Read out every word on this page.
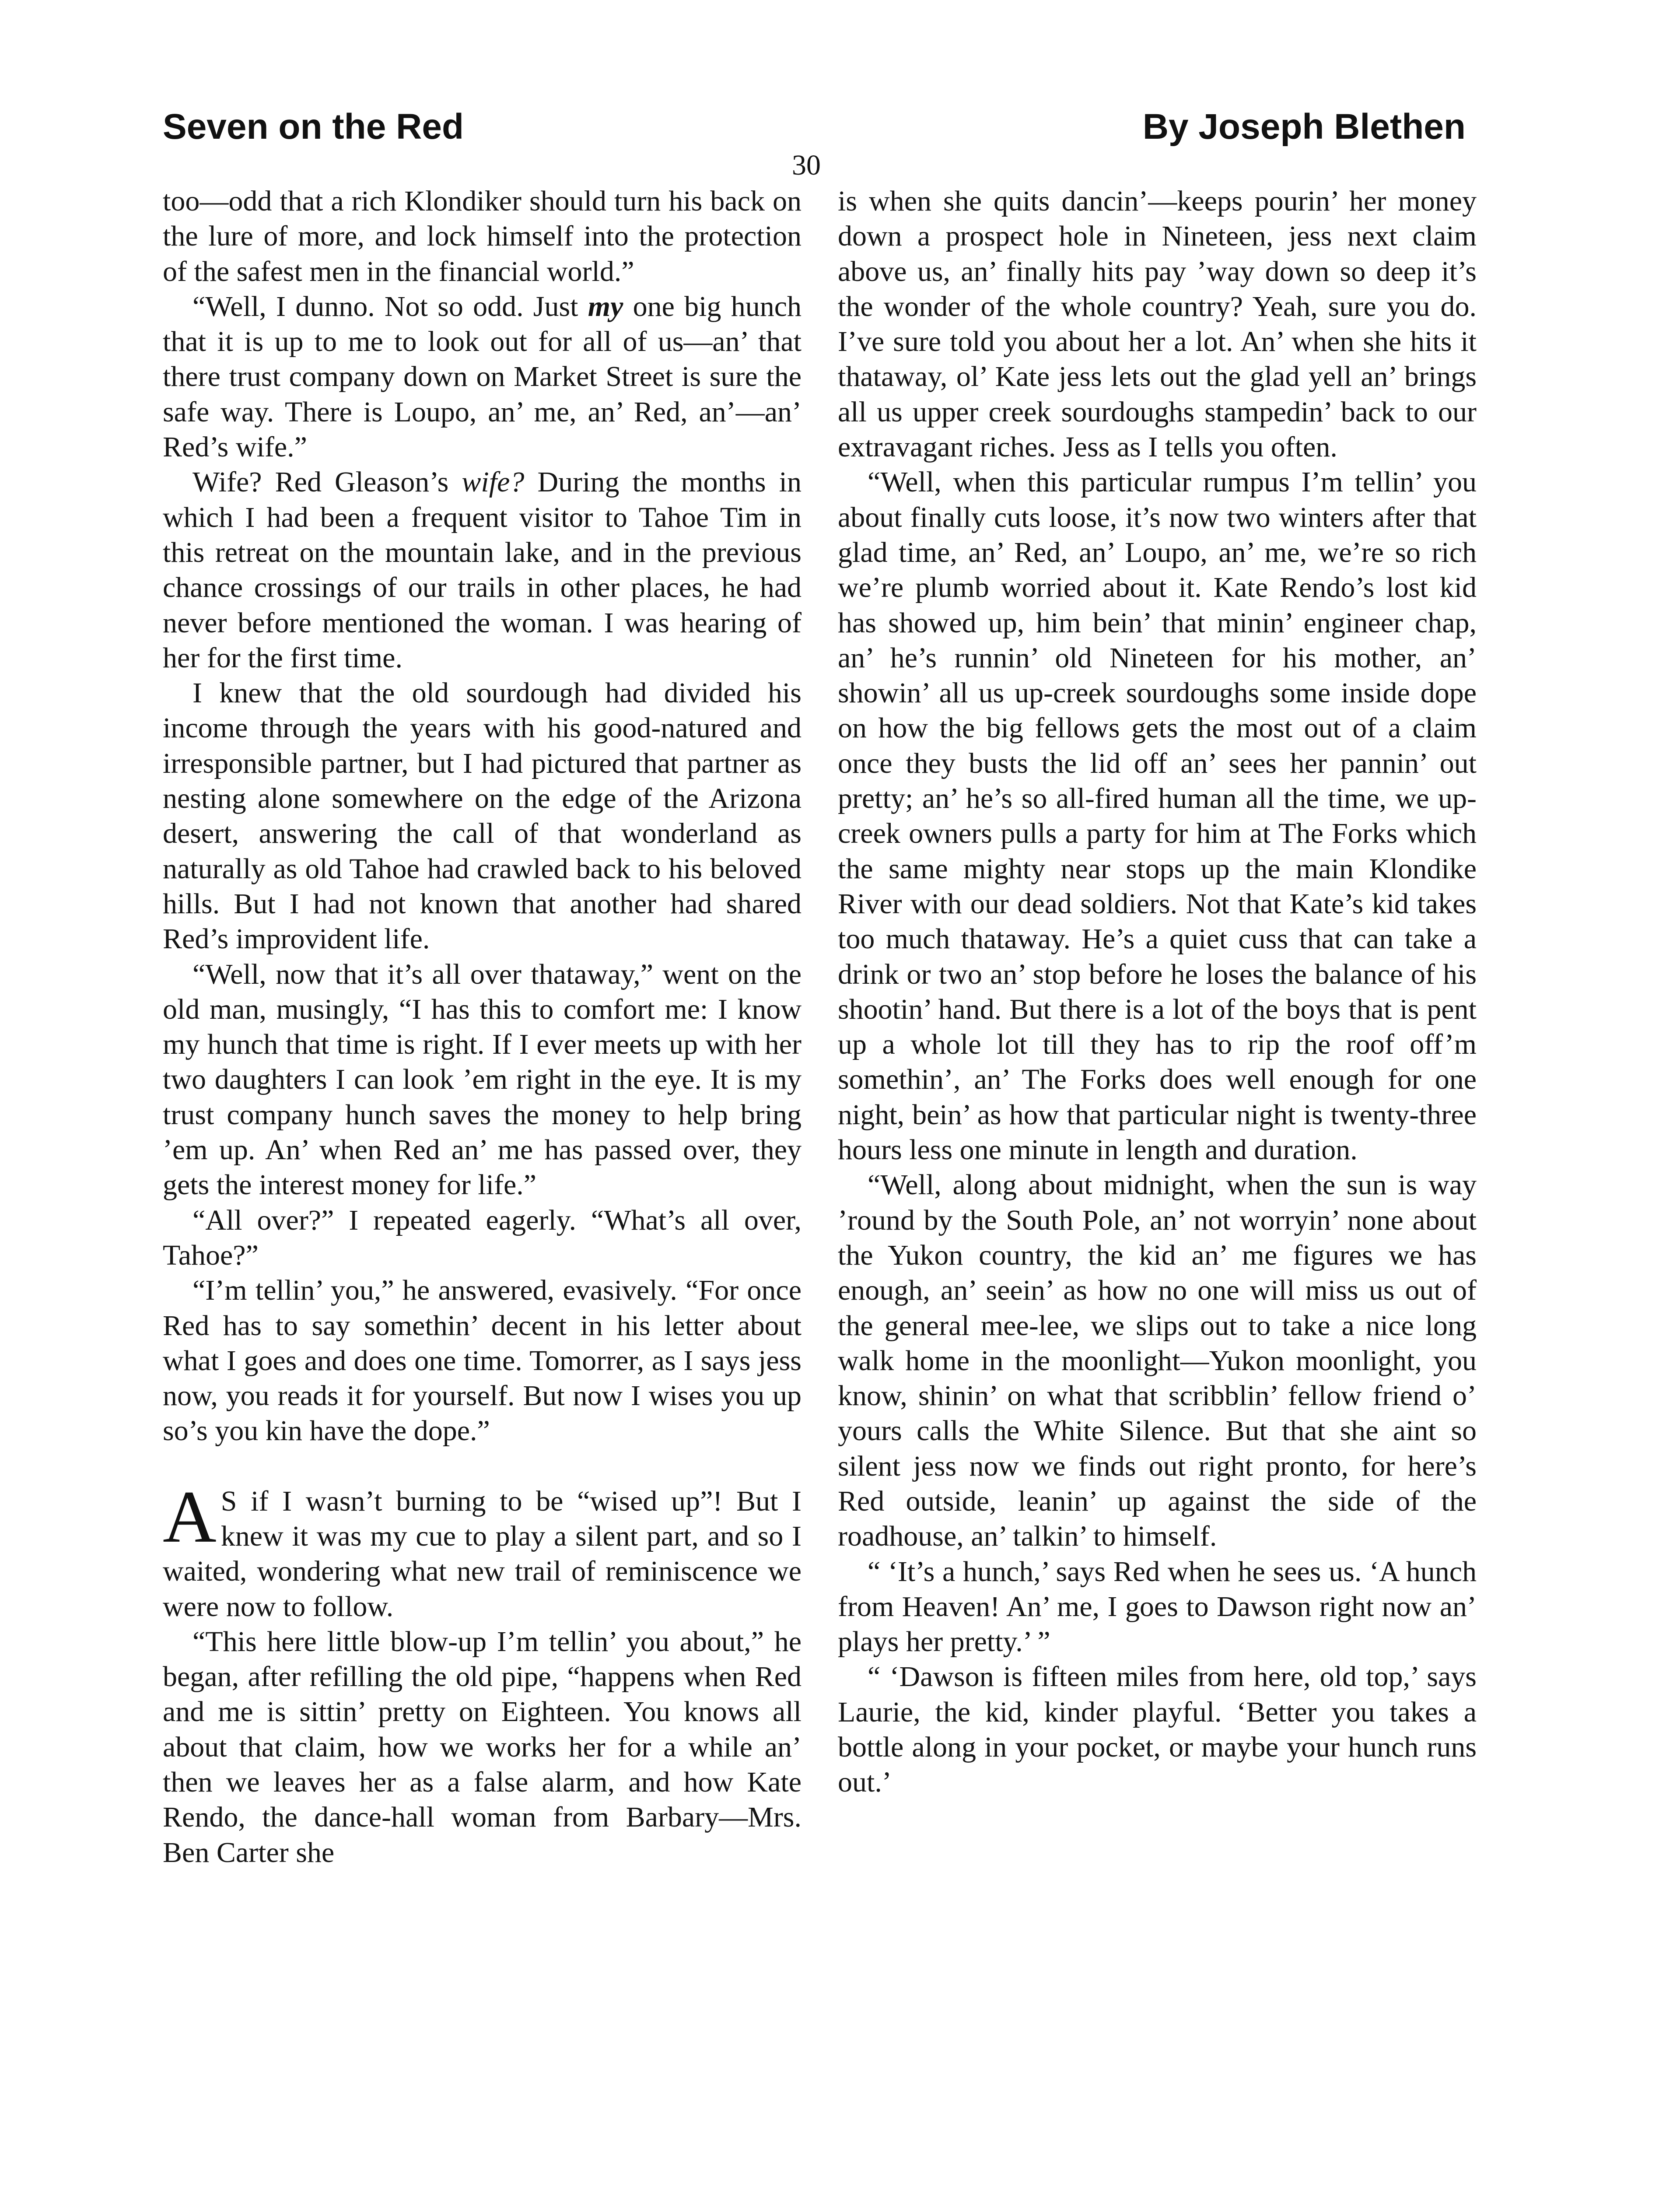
Seven on the Red	By Joseph Blethen
30

too—odd that a rich Klondiker should turn his back on the lure of more, and lock himself into the protection of the safest men in the financial world.”

“Well, I dunno. Not so odd. Just my one big hunch that it is up to me to look out for all of us—an’ that there trust company down on Market Street is sure the safe way. There is Loupo, an’ me, an’ Red, an’—an’ Red’s wife.”

Wife? Red Gleason’s wife? During the months in which I had been a frequent visitor to Tahoe Tim in this retreat on the mountain lake, and in the previous chance crossings of our trails in other places, he had never before mentioned the woman. I was hearing of her for the first time.

I knew that the old sourdough had divided his income through the years with his good-natured and irresponsible partner, but I had pictured that partner as nesting alone somewhere on the edge of the Arizona desert, answering the call of that wonderland as naturally as old Tahoe had crawled back to his beloved hills. But I had not known that another had shared Red’s improvident life.

“Well, now that it’s all over thataway,” went on the old man, musingly, “I has this to comfort me: I know my hunch that time is right. If I ever meets up with her two daughters I can look ’em right in the eye. It is my trust company hunch saves the money to help bring ’em up. An’ when Red an’ me has passed over, they gets the interest money for life.”

“All over?” I repeated eagerly. “What’s all over, Tahoe?”

“I’m tellin’ you,” he answered, evasively. “For once Red has to say somethin’ decent in his letter about what I goes and does one time. Tomorrer, as I says jess now, you reads it for yourself. But now I wises you up so’s you kin have the dope.”

A S if I wasn’t burning to be “wised up”! But I knew it was my cue to play a silent part, and so I waited, wondering what new trail of reminiscence we were now to follow.

“This here little blow-up I’m tellin’ you about,” he began, after refilling the old pipe, “happens when Red and me is sittin’ pretty on Eighteen. You knows all about that claim, how we works her for a while an’ then we leaves her as a false alarm, and how Kate Rendo, the dance-hall woman from Barbary—Mrs. Ben Carter she

is when she quits dancin’—keeps pourin’ her money down a prospect hole in Nineteen, jess next claim above us, an’ finally hits pay ’way down so deep it’s the wonder of the whole country? Yeah, sure you do. I’ve sure told you about her a lot. An’ when she hits it thataway, ol’ Kate jess lets out the glad yell an’ brings all us upper creek sourdoughs stampedin’ back to our extravagant riches. Jess as I tells you often.

“Well, when this particular rumpus I’m tellin’ you about finally cuts loose, it’s now two winters after that glad time, an’ Red, an’ Loupo, an’ me, we’re so rich we’re plumb worried about it. Kate Rendo’s lost kid has showed up, him bein’ that minin’ engineer chap, an’ he’s runnin’ old Nineteen for his mother, an’ showin’ all us up-creek sourdoughs some inside dope on how the big fellows gets the most out of a claim once they busts the lid off an’ sees her pannin’ out pretty; an’ he’s so all-fired human all the time, we up-creek owners pulls a party for him at The Forks which the same mighty near stops up the main Klondike River with our dead soldiers. Not that Kate’s kid takes too much thataway. He’s a quiet cuss that can take a drink or two an’ stop before he loses the balance of his shootin’ hand. But there is a lot of the boys that is pent up a whole lot till they has to rip the roof off’m somethin’, an’ The Forks does well enough for one night, bein’ as how that particular night is twenty-three hours less one minute in length and duration.

“Well, along about midnight, when the sun is way ’round by the South Pole, an’ not worryin’ none about the Yukon country, the kid an’ me figures we has enough, an’ seein’ as how no one will miss us out of the general mee-lee, we slips out to take a nice long walk home in the moonlight—Yukon moonlight, you know, shinin’ on what that scribblin’ fellow friend o’ yours calls the White Silence. But that she aint so silent jess now we finds out right pronto, for here’s Red outside, leanin’ up against the side of the roadhouse, an’ talkin’ to himself.

“ ‘It’s a hunch,’ says Red when he sees us. ‘A hunch from Heaven! An’ me, I goes to Dawson right now an’ plays her pretty.’ ”

“ ‘Dawson is fifteen miles from here, old top,’ says Laurie, the kid, kinder playful. ‘Better you takes a bottle along in your pocket, or maybe your hunch runs out.’
